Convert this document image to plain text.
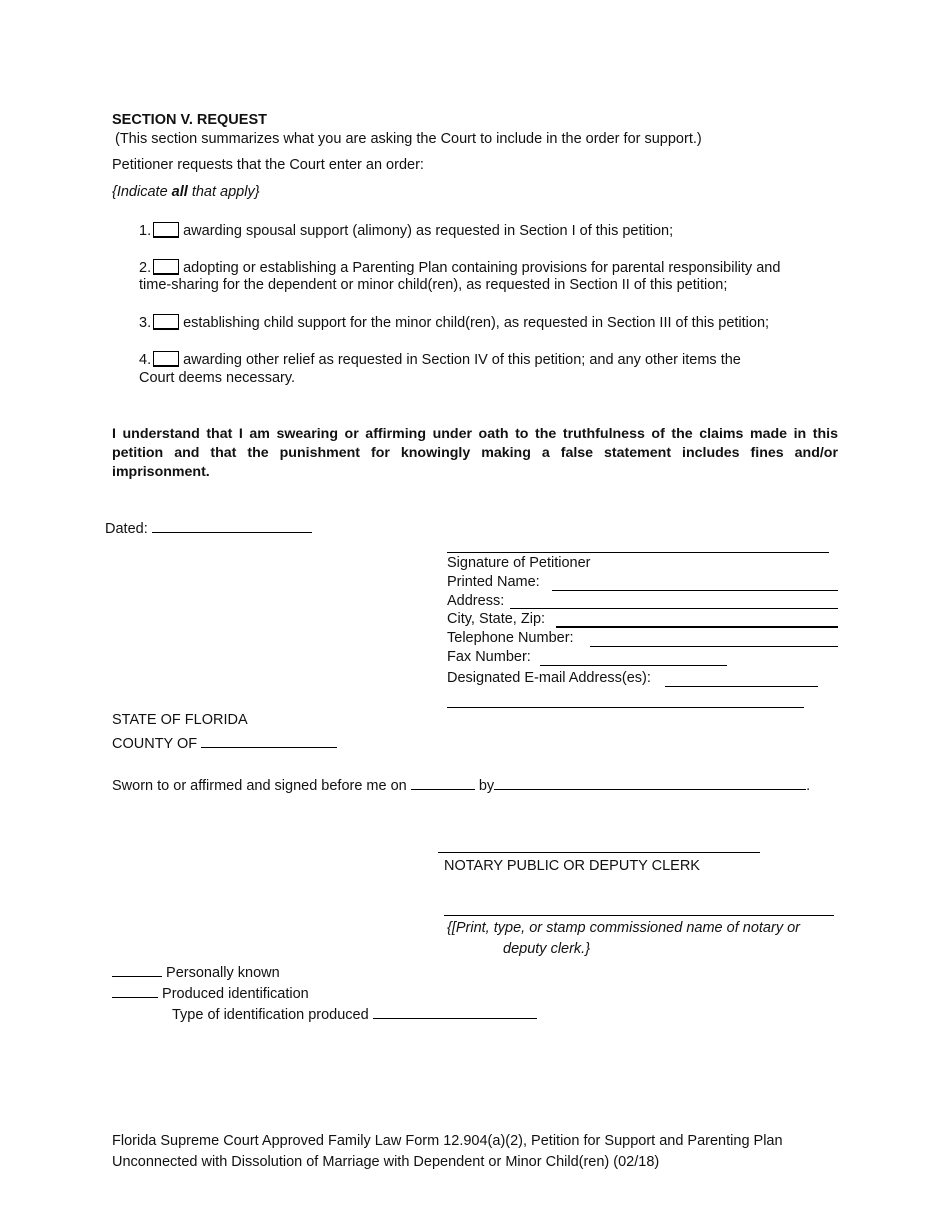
SECTION V. REQUEST
(This section summarizes what you are asking the Court to include in the order for support.)
Petitioner requests that the Court enter an order:
{Indicate all that apply}
1. awarding spousal support (alimony) as requested in Section I of this petition;
2. adopting or establishing a Parenting Plan containing provisions for parental responsibility and
time-sharing for the dependent or minor child(ren), as requested in Section II of this petition;
3. establishing child support for the minor child(ren), as requested in Section III of this petition;
4. awarding other relief as requested in Section IV of this petition; and any other items the
Court deems necessary.
I understand that I am swearing or affirming under oath to the truthfulness of the claims made in this
petition and that the punishment for knowingly making a false statement includes fines and/or
imprisonment.
Dated:
Signature of Petitioner
Printed Name:
Address:
City, State, Zip:
Telephone Number:
Fax Number:
Designated E-mail Address(es):
STATE OF FLORIDA
COUNTY OF
Sworn to or affirmed and signed before me on	by	.
NOTARY PUBLIC OR DEPUTY CLERK
{[Print, type, or stamp commissioned name of notary or
deputy clerk.}
Personally known
Produced identification
Type of identification produced
Florida Supreme Court Approved Family Law Form 12.904(a)(2), Petition for Support and Parenting Plan
Unconnected with Dissolution of Marriage with Dependent or Minor Child(ren) (02/18)
